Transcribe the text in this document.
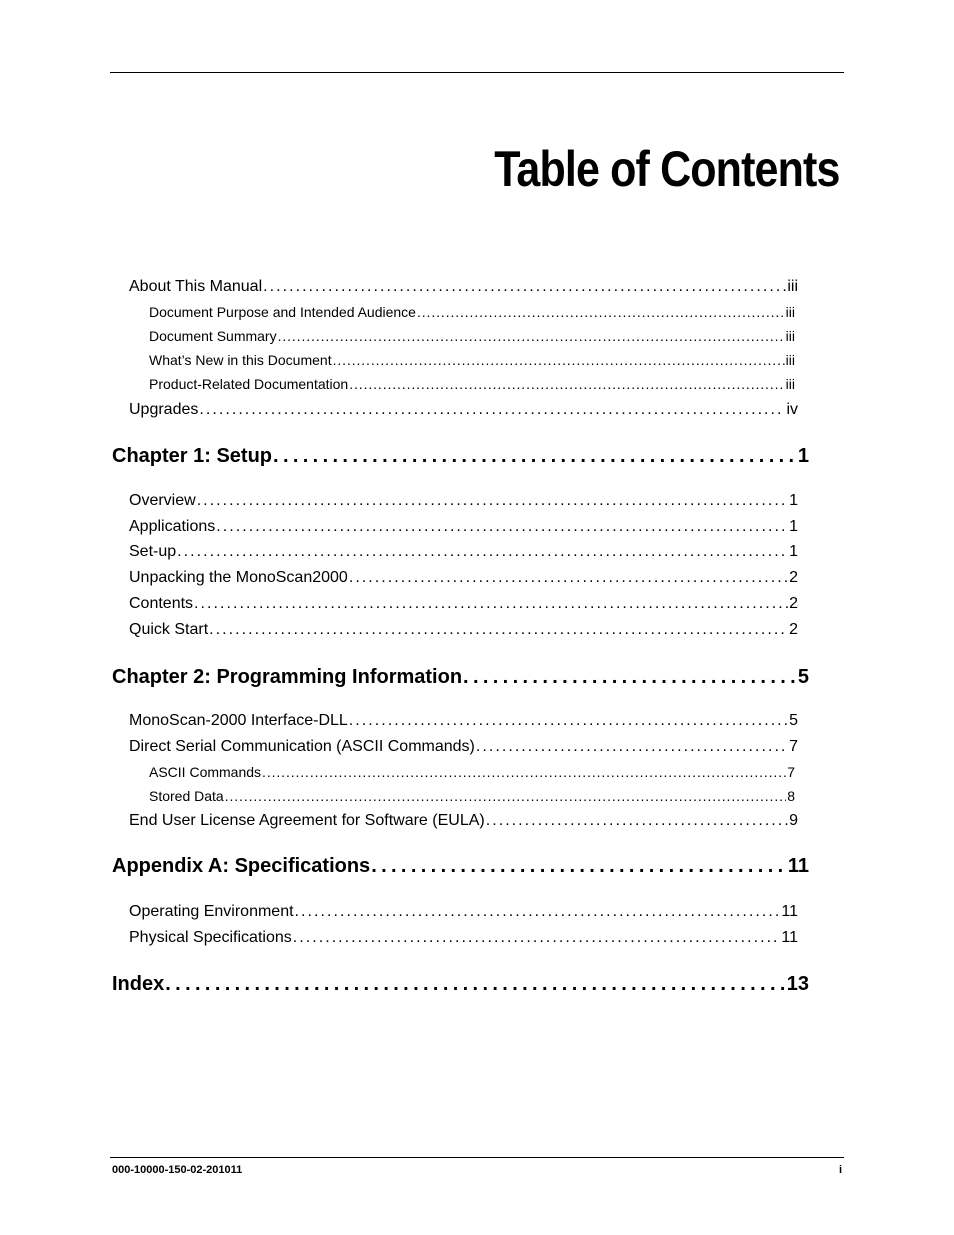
Table of Contents
About This Manual . . .	iii
Document Purpose and Intended Audience . . .	iii
Document Summary . . .	iii
What’s New in this Document . . .	iii
Product-Related Documentation . . .	iii
Upgrades . . .	iv
Chapter 1: Setup . . .	1
Overview . . .	1
Applications . . .	1
Set-up . . .	1
Unpacking the MonoScan2000 . . .	2
Contents . . .	2
Quick Start . . .	2
Chapter 2: Programming Information . . .	5
MonoScan-2000 Interface-DLL . . .	5
Direct Serial Communication (ASCII Commands) . . .	7
ASCII Commands . . .	7
Stored Data . . .	8
End User License Agreement for Software (EULA) . . .	9
Appendix A: Specifications . . .	11
Operating Environment . . .	11
Physical Specifications . . .	11
Index . . .	13
000-10000-150-02-201011	i
